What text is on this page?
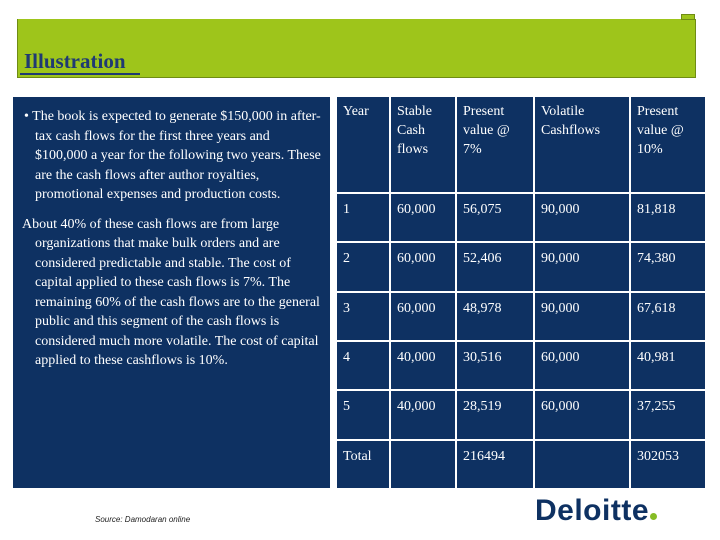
Illustration

• The book is expected to generate $150,000 in after-tax cash flows for the first three years and $100,000 a year for the following two years. These are the cash flows after author royalties, promotional expenses and production costs.

About 40% of these cash flows are from large organizations that make bulk orders and are considered predictable and stable. The cost of capital applied to these cash flows is 7%. The remaining 60% of the cash flows are to the general public and this segment of the cash flows is considered much more volatile. The cost of capital applied to these cashflows is 10%.

Year	Stable Cash flows	Present value @ 7%	Volatile Cashflows	Present value @ 10%
1	60,000	56,075	90,000	81,818
2	60,000	52,406	90,000	74,380
3	60,000	48,978	90,000	67,618
4	40,000	30,516	60,000	40,981
5	40,000	28,519	60,000	37,255
Total		216494		302053
Source: Damodaran online	Deloitte
